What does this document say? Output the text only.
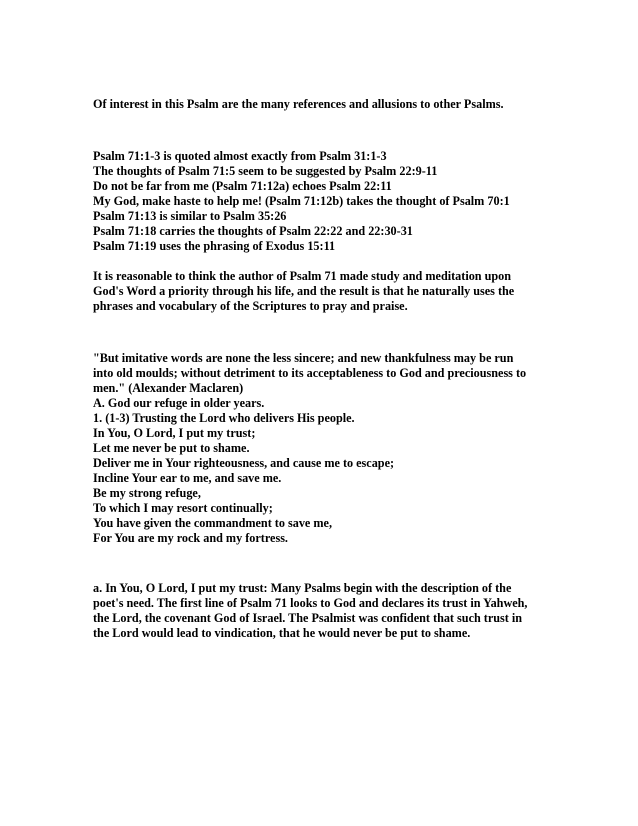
Of interest in this Psalm are the many references and allusions to other Psalms.

Psalm 71:1-3 is quoted almost exactly from Psalm 31:1-3
The thoughts of Psalm 71:5 seem to be suggested by Psalm 22:9-11
Do not be far from me (Psalm 71:12a) echoes Psalm 22:11
My God, make haste to help me! (Psalm 71:12b) takes the thought of Psalm 70:1
Psalm 71:13 is similar to Psalm 35:26
Psalm 71:18 carries the thoughts of Psalm 22:22 and 22:30-31
Psalm 71:19 uses the phrasing of Exodus 15:11
It is reasonable to think the author of Psalm 71 made study and meditation upon
God's Word a priority through his life, and the result is that he naturally uses the
phrases and vocabulary of the Scriptures to pray and praise.
"But imitative words are none the less sincere; and new thankfulness may be run
into old moulds; without detriment to its acceptableness to God and preciousness to
men." (Alexander Maclaren)

A. God our refuge in older years.

1. (1-3) Trusting the Lord who delivers His people.

In You, O Lord, I put my trust;

Let me never be put to shame.

Deliver me in Your righteousness, and cause me to escape;

Incline Your ear to me, and save me.

Be my strong refuge,

To which I may resort continually;

You have given the commandment to save me,

For You are my rock and my fortress.

a. In You, O Lord, I put my trust: Many Psalms begin with the description of the
poet's need. The first line of Psalm 71 looks to God and declares its trust in Yahweh,
the Lord, the covenant God of Israel. The Psalmist was confident that such trust in
the Lord would lead to vindication, that he would never be put to shame.
